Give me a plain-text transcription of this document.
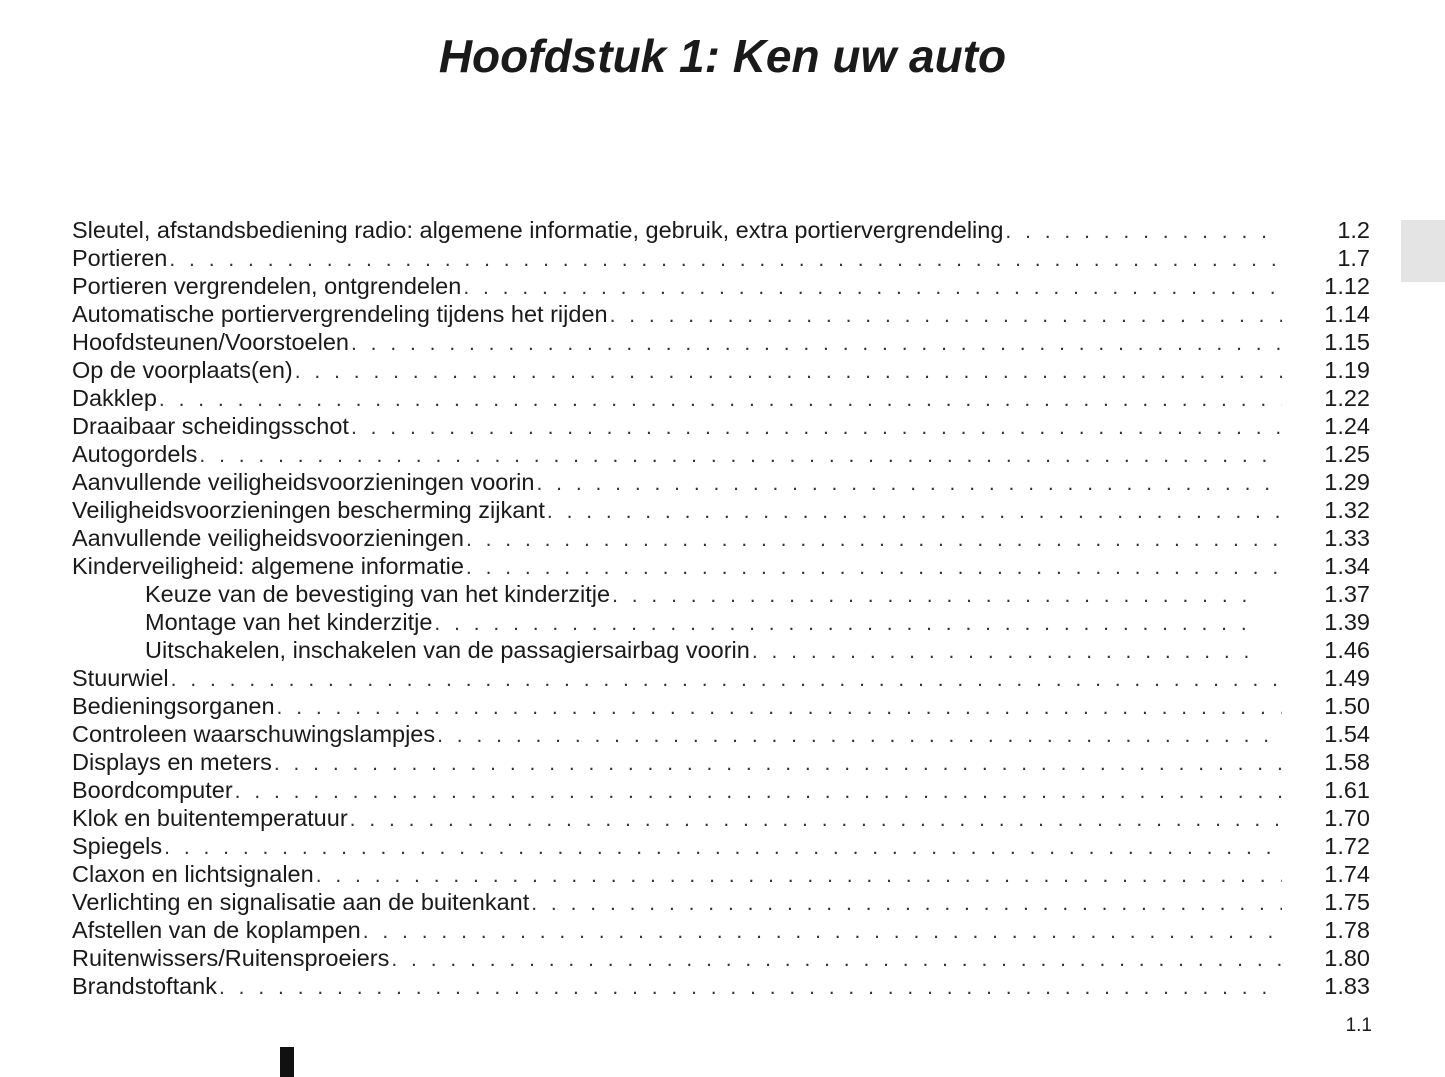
Hoofdstuk 1: Ken uw auto
Sleutel, afstandsbediening radio: algemene informatie, gebruik, extra portiervergrendeling . . .	1.2
Portieren . . .	1.7
Portieren vergrendelen, ontgrendelen . . .	1.12
Automatische portiervergrendeling tijdens het rijden . . .	1.14
Hoofdsteunen/Voorstoelen . . .	1.15
Op de voorplaats(en) . . .	1.19
Dakklep . . .	1.22
Draaibaar scheidingsschot . . .	1.24
Autogordels . . .	1.25
Aanvullende veiligheidsvoorzieningen voorin . . .	1.29
Veiligheidsvoorzieningen bescherming zijkant . . .	1.32
Aanvullende veiligheidsvoorzieningen . . .	1.33
Kinderveiligheid: algemene informatie . . .	1.34
Keuze van de bevestiging van het kinderzitje . . .	1.37
Montage van het kinderzitje . . .	1.39
Uitschakelen, inschakelen van de passagiersairbag voorin . . .	1.46
Stuurwiel . . .	1.49
Bedieningsorganen . . .	1.50
Controleen waarschuwingslampjes . . .	1.54
Displays en meters . . .	1.58
Boordcomputer . . .	1.61
Klok en buitentemperatuur . . .	1.70
Spiegels . . .	1.72
Claxon en lichtsignalen . . .	1.74
Verlichting en signalisatie aan de buitenkant . . .	1.75
Afstellen van de koplampen . . .	1.78
Ruitenwissers/Ruitensproeiers . . .	1.80
Brandstoftank . . .	1.83
1.1
